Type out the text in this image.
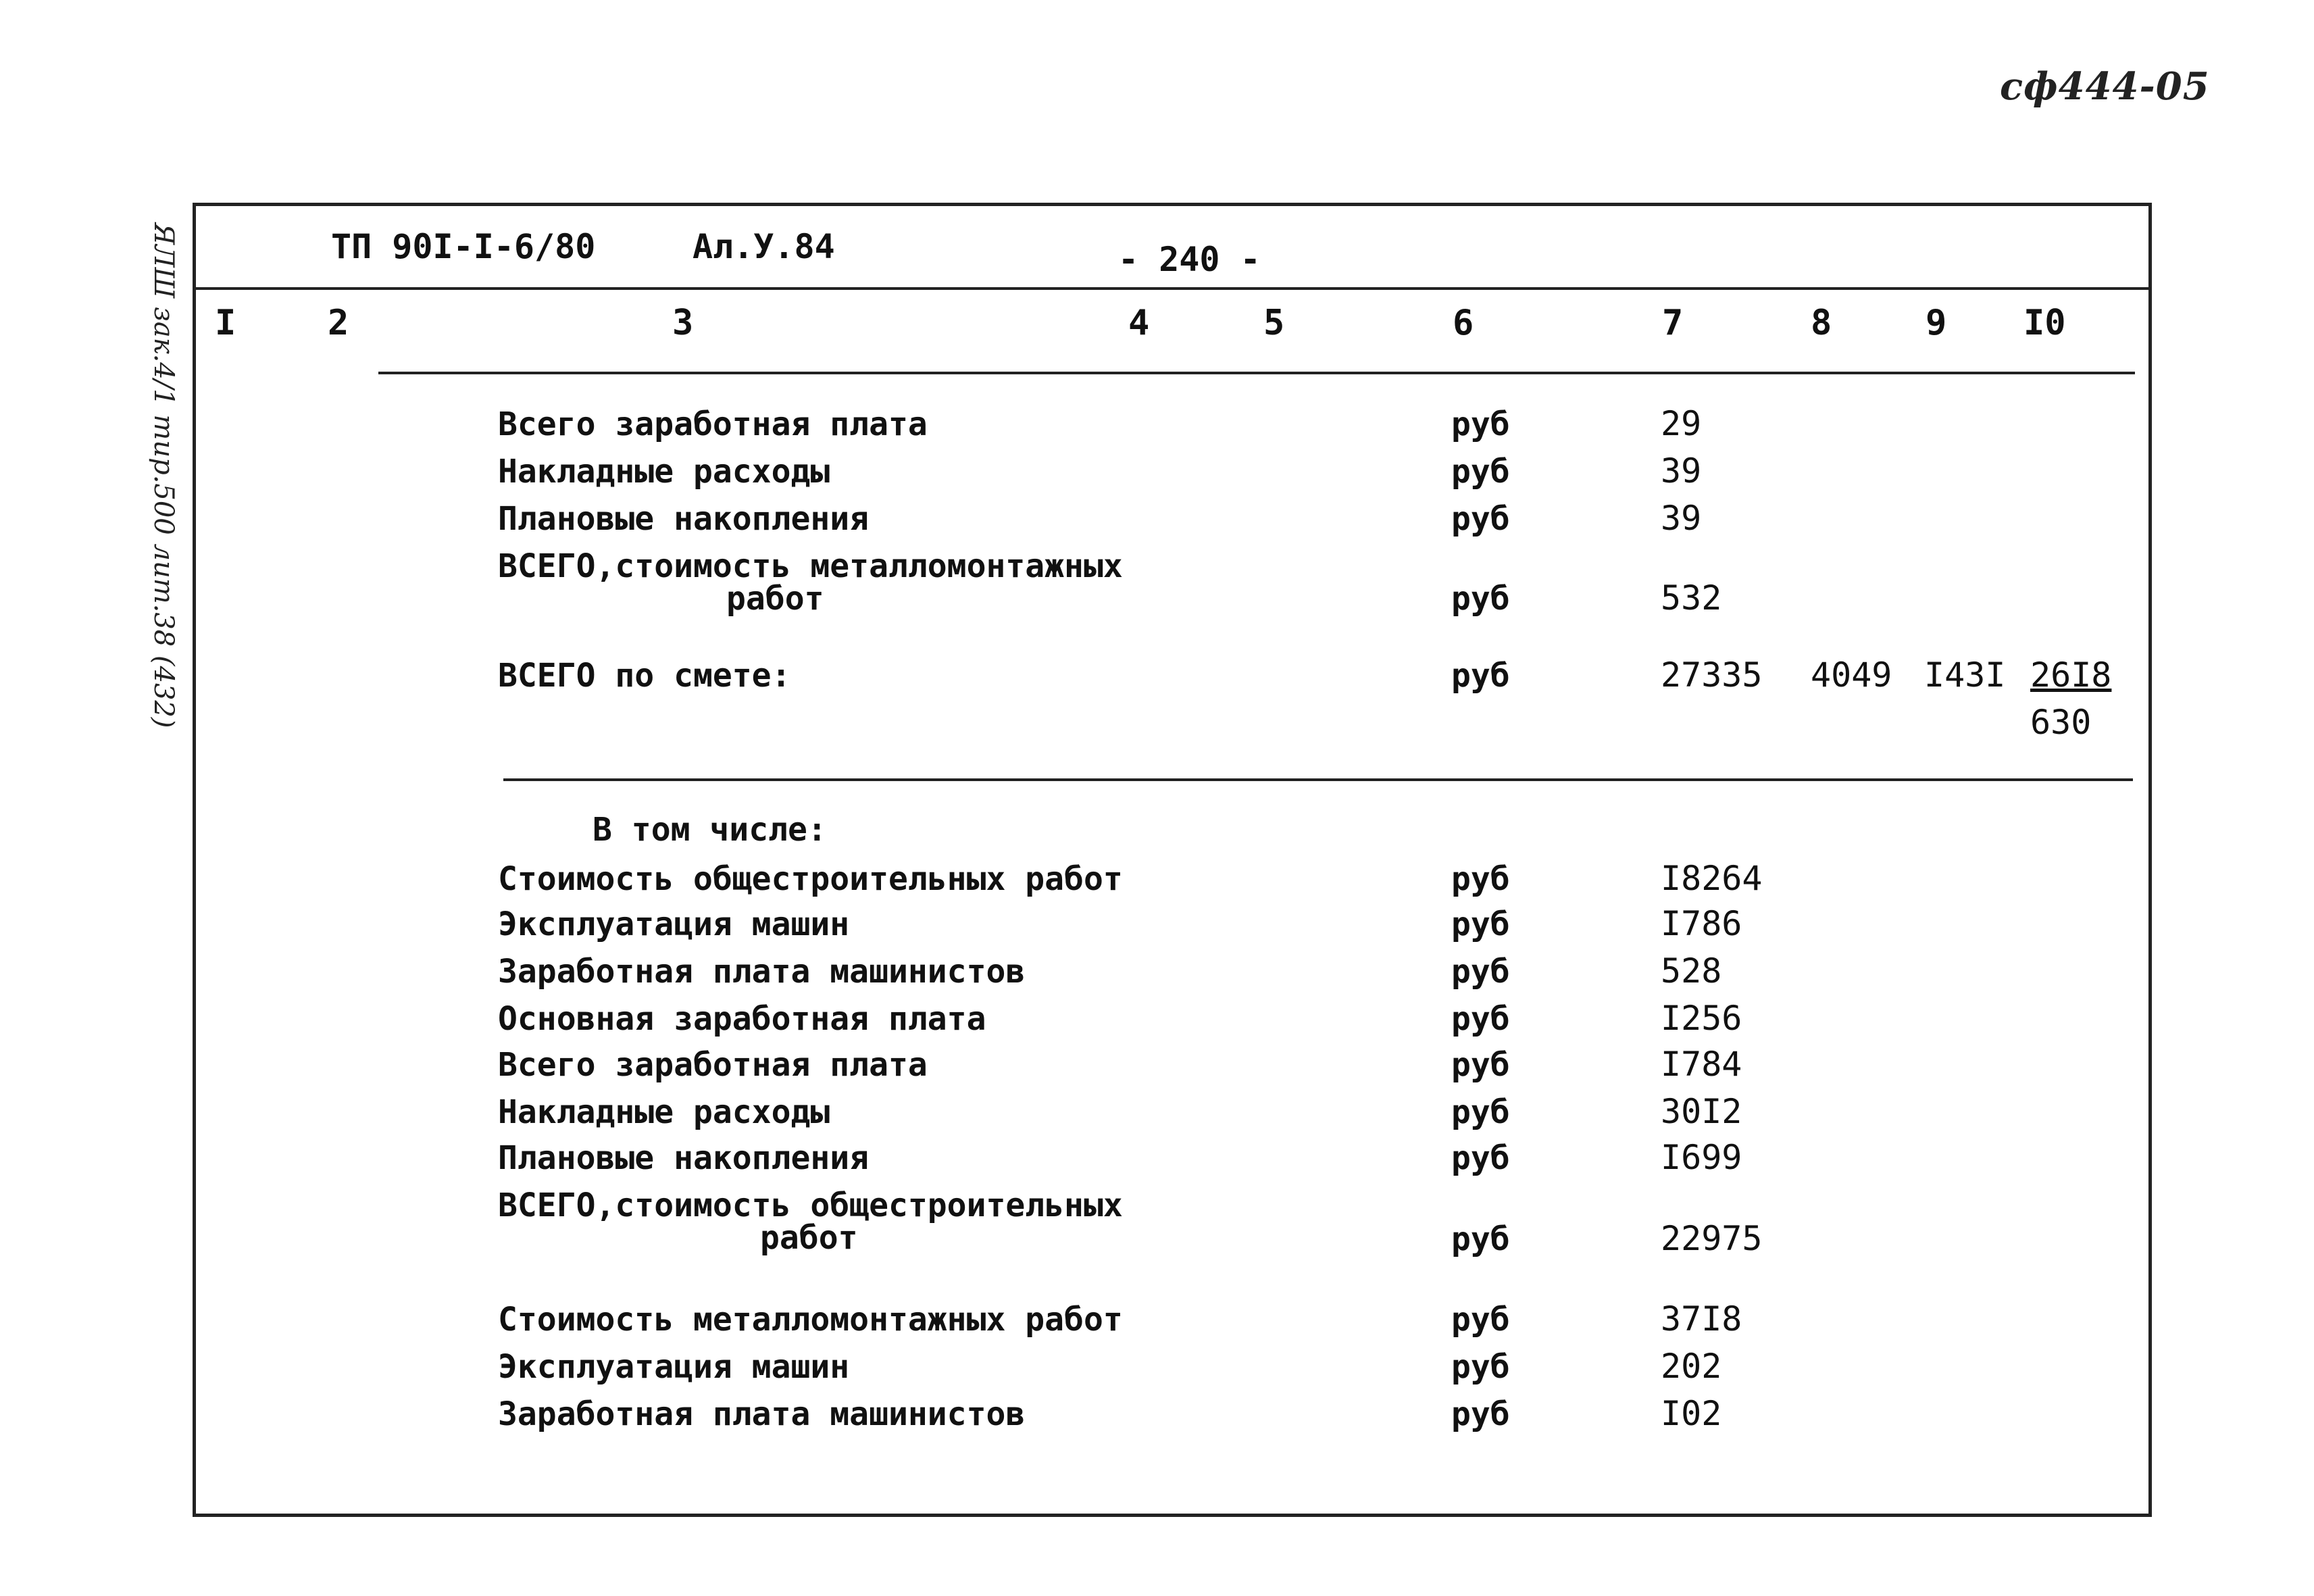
сф444-05
ЯЛШ зак.4/1 тир.500 лит.38 (432)	ТП 90I-I-6/80	Ал.У.84	- 240 -
I	2	3	4	5	6	7	8	9 I0
Всего заработная плата	руб	29
Накладные расходы	руб	39
Плановые накопления	руб	39
ВСЕГО,стоимость металломонтажных
работ	руб	532
ВСЕГО по смете:	руб	27335 4049 I43I 26I8
630
В том числе:
Стоимость общестроительных работ	руб	I8264
Эксплуатация машин	руб	I786
Заработная плата машинистов	руб	528
Основная заработная плата	руб	I256
Всего заработная плата	руб	I784
Накладные расходы	руб	30I2
Плановые накопления	руб	I699
ВСЕГО,стоимость общестроительных
работ	руб	22975
Стоимость металломонтажных работ	руб	37I8
Эксплуатация машин	руб	202
Заработная плата машинистов	руб	I02
